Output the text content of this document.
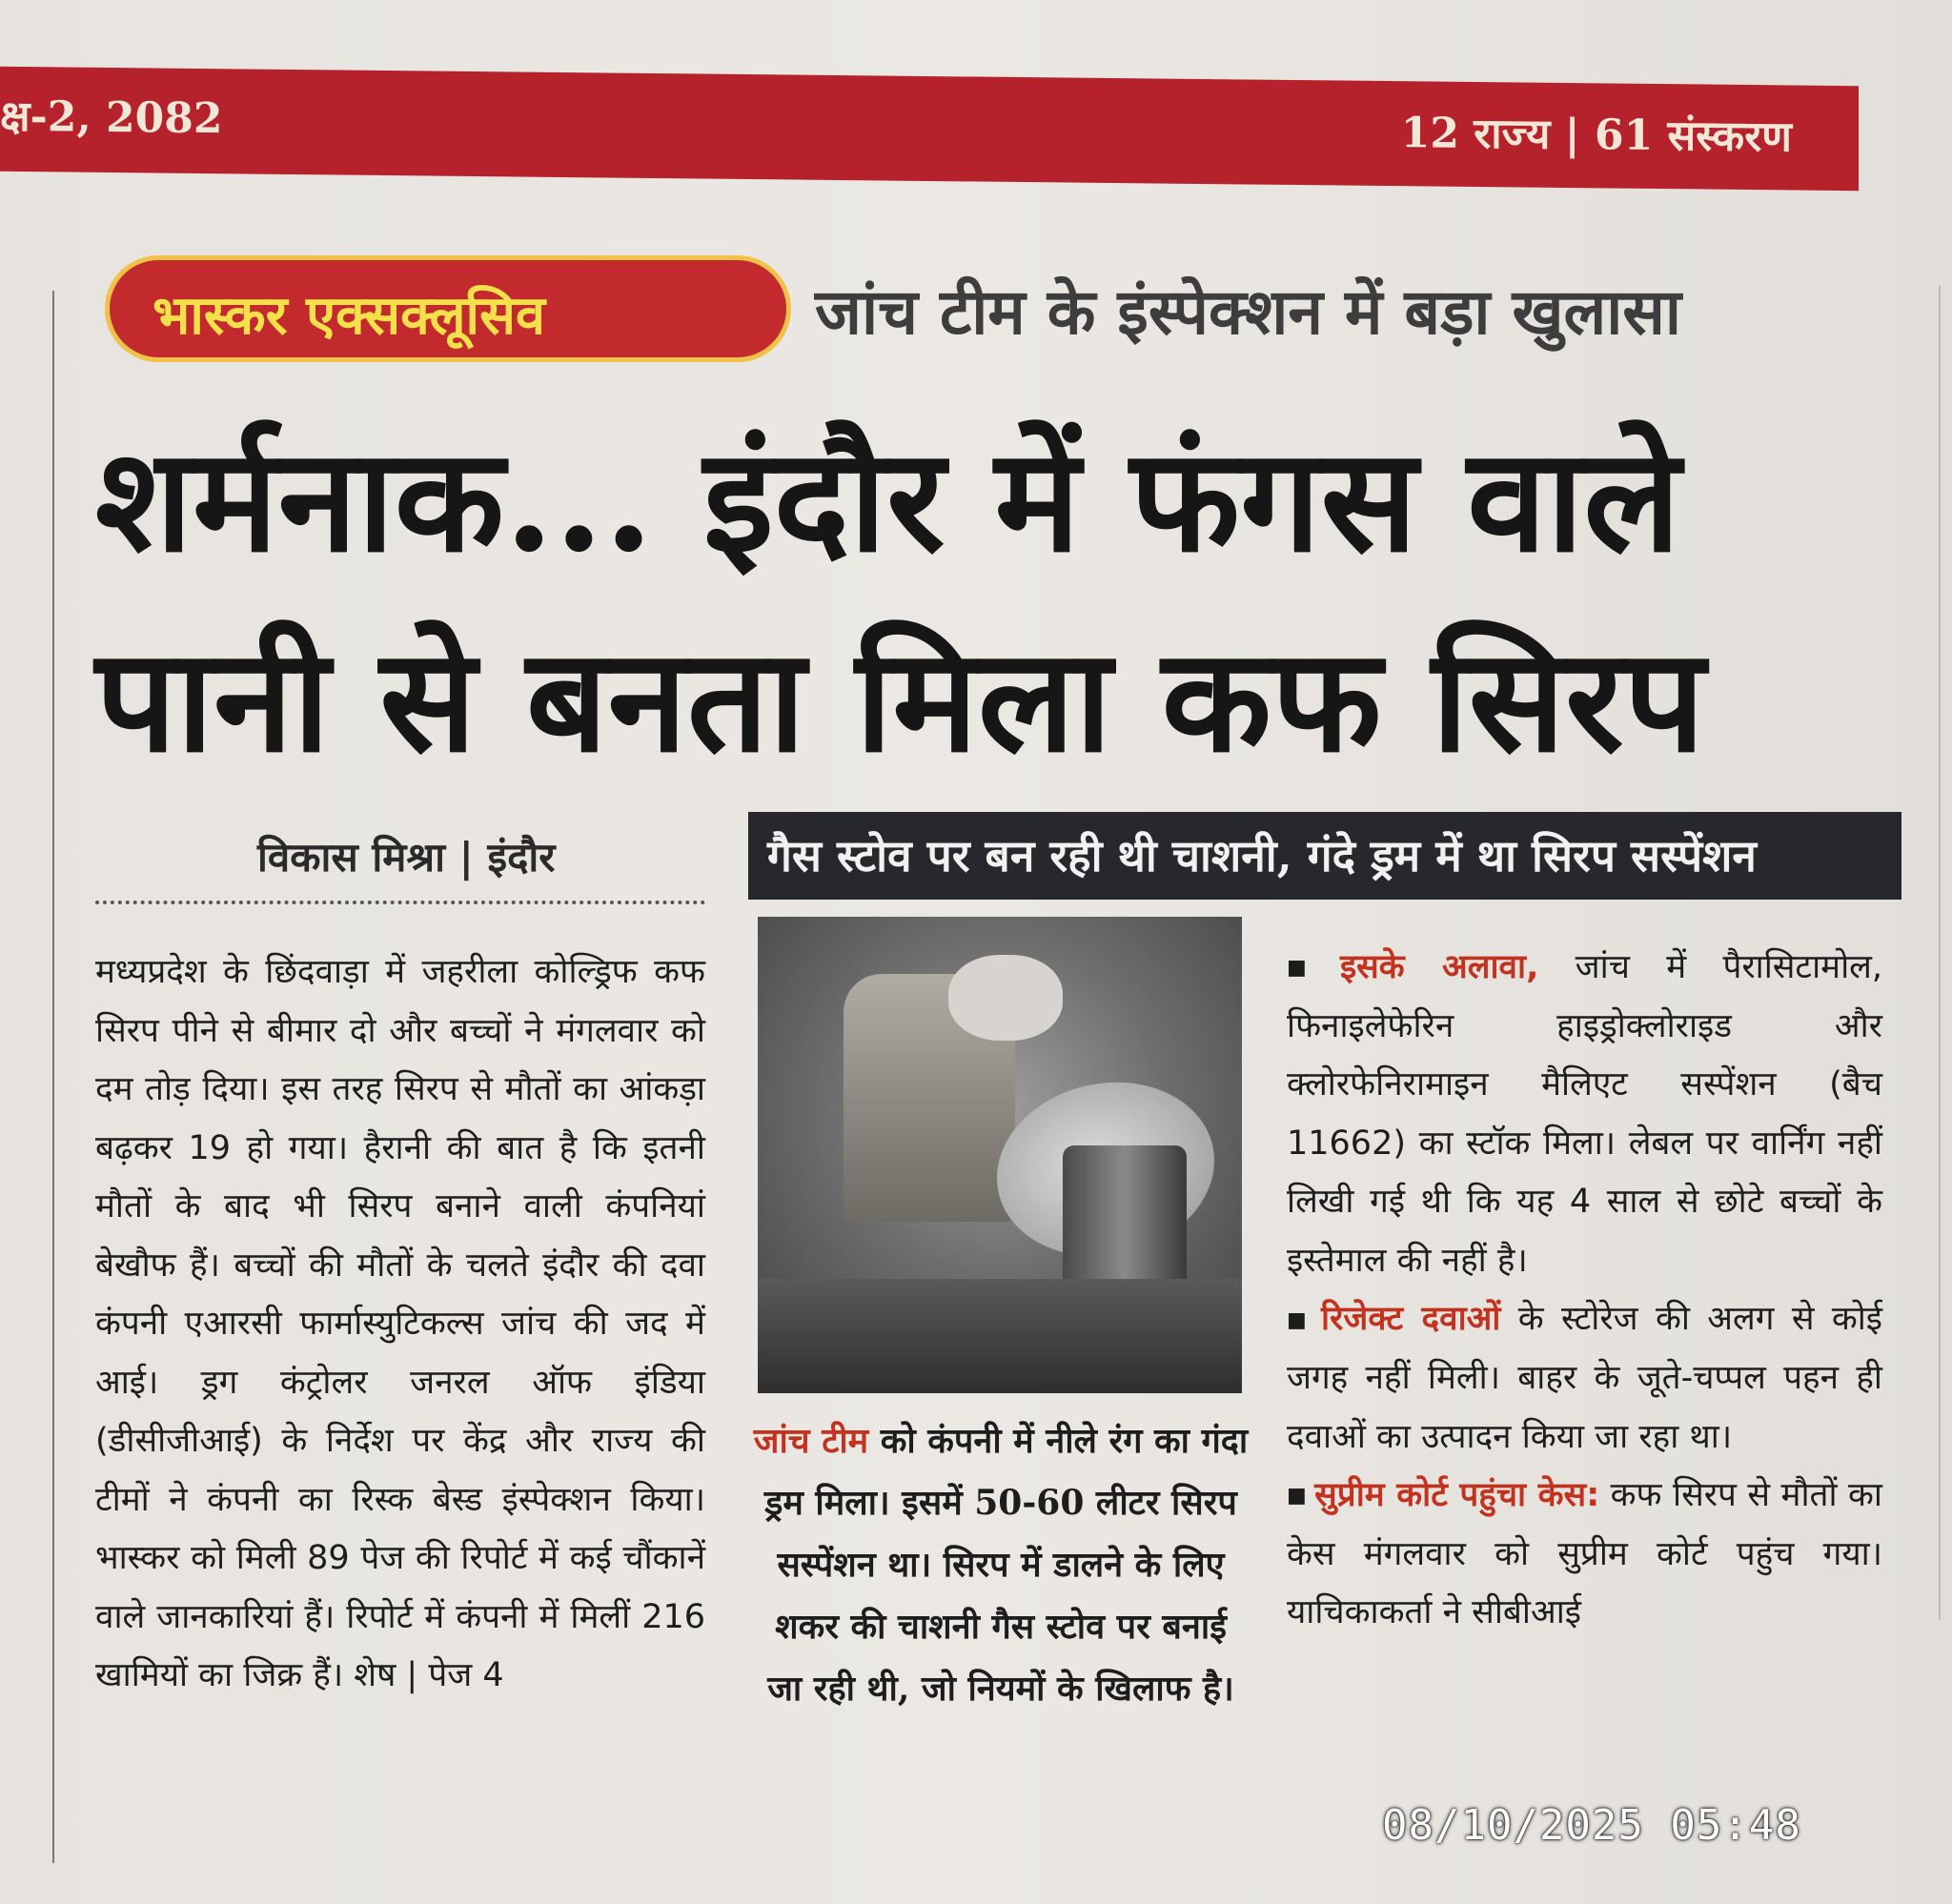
क्ष-2, 2082	12 राज्य | 61 संस्करण
भास्कर एक्सक्लूसिव	जांच टीम के इंस्पेक्शन में बड़ा खुलासा
शर्मनाक... इंदौर में फंगस वाले
पानी से बनता मिला कफ सिरप
विकास मिश्रा | इंदौर	गैस स्टोव पर बन रही थी चाशनी, गंदे ड्रम में था सिरप सस्पेंशन

मध्यप्रदेश के छिंदवाड़ा में जहरीला कोल्ड्रिफ कफ सिरप पीने से बीमार दो और बच्चों ने मंगलवार को दम तोड़ दिया। इस तरह सिरप से मौतों का आंकड़ा बढ़कर 19 हो गया। हैरानी की बात है कि इतनी मौतों के बाद भी सिरप बनाने वाली कंपनियां बेखौफ हैं। बच्चों की मौतों के चलते इंदौर की दवा कंपनी एआरसी फार्मास्युटिकल्स जांच की जद में आई। ड्रग कंट्रोलर जनरल ऑफ इंडिया (डीसीजीआई) के निर्देश पर केंद्र और राज्य की टीमों ने कंपनी का रिस्क बेस्ड इंस्पेक्शन किया। भास्कर को मिली 89 पेज की रिपोर्ट में कई चौंकानें वाले जानकारियां हैं। रिपोर्ट में कंपनी में मिलीं 216 खामियों का जिक्र हैं। शेष | पेज 4

जांच टीम को कंपनी में नीले रंग का गंदा ड्रम मिला। इसमें 50-60 लीटर सिरप सस्पेंशन था। सिरप में डालने के लिए शकर की चाशनी गैस स्टोव पर बनाई जा रही थी, जो नियमों के खिलाफ है।

■ इसके अलावा, जांच में पैरासिटामोल, फिनाइलेफेरिन हाइड्रोक्लोराइड और क्लोरफेनिरामाइन मैलिएट सस्पेंशन (बैच 11662) का स्टॉक मिला। लेबल पर वार्निंग नहीं लिखी गई थी कि यह 4 साल से छोटे बच्चों के इस्तेमाल की नहीं है।

■ रिजेक्ट दवाओं के स्टोरेज की अलग से कोई जगह नहीं मिली। बाहर के जूते-चप्पल पहन ही दवाओं का उत्पादन किया जा रहा था।

■ सुप्रीम कोर्ट पहुंचा केस: कफ सिरप से मौतों का केस मंगलवार को सुप्रीम कोर्ट पहुंच गया। याचिकाकर्ता ने सीबीआई

08/10/2025 05:48
